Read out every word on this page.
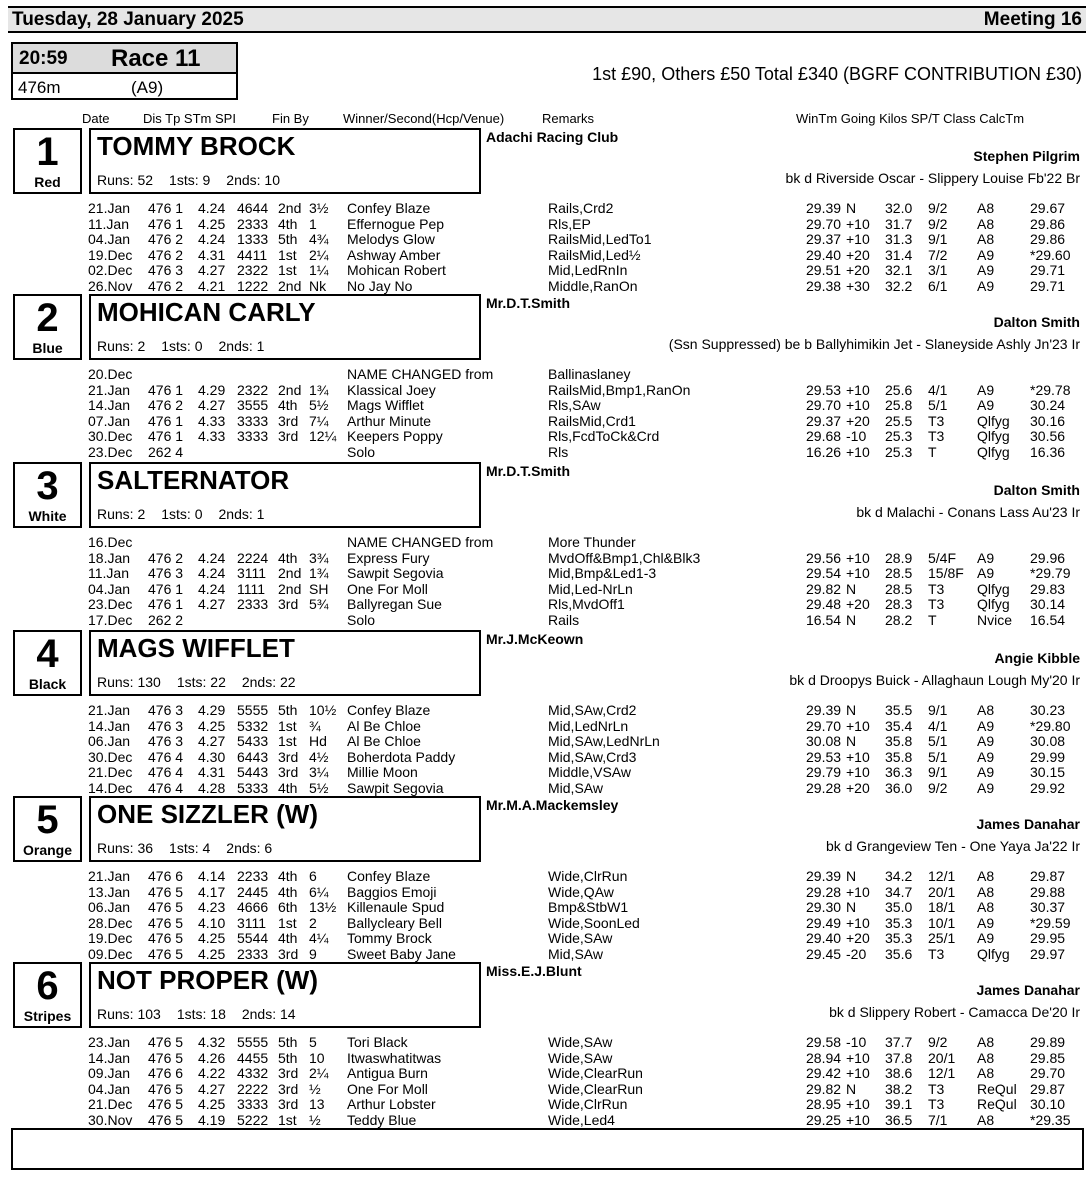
Tuesday, 28 January 2025	Meeting 16
20:59 Race 11
476m	(A9)
1st £90, Others £50 Total £340 (BGRF CONTRIBUTION £30)
Date	Dis Tp STm SPI	Fin By	Winner/Second(Hcp/Venue)	Remarks	WinTm Going Kilos SP/T Class CalcTm
1
Red
TOMMY BROCK
Runs: 52 1sts: 9 2nds: 10
Adachi Racing Club
Stephen Pilgrim
bk d Riverside Oscar - Slippery Louise Fb'22 Br
21.Jan 476 1 4.24 4644 2nd 3½ Confey Blaze	Rails,Crd2	29.39 N 32.0 9/2 A8	29.67
11.Jan 476 1 4.25 2333 4th 1 Effernogue Pep	Rls,EP	29.70 +10 31.7 9/2 A8	29.86
04.Jan 476 2 4.24 1333 5th 4¾ Melodys Glow	RailsMid,LedTo1	29.37 +10 31.3 9/1 A8	29.86
19.Dec 476 2 4.31 4411 1st 2¼ Ashway Amber	RailsMid,Led½	29.40 +20 31.4 7/2 A9	*29.60
02.Dec 476 3 4.27 2322 1st 1¼ Mohican Robert	Mid,LedRnIn	29.51 +20 32.1 3/1 A9	29.71
26.Nov 476 2 4.21 1222 2nd Nk No Jay No	Middle,RanOn	29.38 +30 32.2 6/1 A9	29.71
2
Blue
MOHICAN CARLY
Runs: 2 1sts: 0 2nds: 1
Mr.D.T.Smith
Dalton Smith
(Ssn Suppressed) be b Ballyhimikin Jet - Slaneyside Ashly Jn'23 Ir
20.Dec	NAME CHANGED from	Ballinaslaney
21.Jan 476 1 4.29 2322 2nd 1¾ Klassical Joey	RailsMid,Bmp1,RanOn	29.53 +10 25.6 4/1 A9	*29.78
14.Jan 476 2 4.27 3555 4th 5½ Mags Wifflet	Rls,SAw	29.70 +10 25.8 5/1 A9	30.24
07.Jan 476 1 4.33 3333 3rd 7¼ Arthur Minute	RailsMid,Crd1	29.37 +20 25.5 T3 Qlfyg 30.16
30.Dec 476 1 4.33 3333 3rd 12¼ Keepers Poppy	Rls,FcdToCk&Crd	29.68 -10 25.3 T3 Qlfyg 30.56
23.Dec 262 4	Solo	Rls	16.26 +10 25.3 T	Qlfyg 16.36
3
White
SALTERNATOR
Runs: 2 1sts: 0 2nds: 1
Mr.D.T.Smith
Dalton Smith
bk d Malachi - Conans Lass Au'23 Ir
16.Dec	NAME CHANGED from	More Thunder
18.Jan 476 2 4.24 2224 4th 3¾ Express Fury	MvdOff&Bmp1,Chl&Blk3	29.56 +10 28.9 5/4F A9	29.96
11.Jan 476 3 4.24 3111 2nd 1¾ Sawpit Segovia	Mid,Bmp&Led1-3	29.54 +10 28.5 15/8F A9	*29.79
04.Jan 476 1 4.24 1111 2nd SH One For Moll	Mid,Led-NrLn	29.82 N 28.5 T3 Qlfyg 29.83
23.Dec 476 1 4.27 2333 3rd 5¾ Ballyregan Sue	Rls,MvdOff1	29.48 +20 28.3 T3 Qlfyg 30.14
17.Dec 262 2	Solo	Rails	16.54 N 28.2 T	Nvice 16.54
4
Black
MAGS WIFFLET
Runs: 130 1sts: 22 2nds: 22
Mr.J.McKeown
Angie Kibble
bk d Droopys Buick - Allaghaun Lough My'20 Ir
21.Jan 476 3 4.29 5555 5th 10½ Confey Blaze	Mid,SAw,Crd2	29.39 N 35.5 9/1 A8	30.23
14.Jan 476 3 4.25 5332 1st ¾ Al Be Chloe	Mid,LedNrLn	29.70 +10 35.4 4/1 A9	*29.80
06.Jan 476 3 4.27 5433 1st Hd Al Be Chloe	Mid,SAw,LedNrLn	30.08 N 35.8 5/1 A9	30.08
30.Dec 476 4 4.30 6443 3rd 4½ Boherdota Paddy	Mid,SAw,Crd3	29.53 +10 35.8 5/1 A9	29.99
21.Dec 476 4 4.31 5443 3rd 3¼ Millie Moon	Middle,VSAw	29.79 +10 36.3 9/1 A9	30.15
14.Dec 476 4 4.28 5333 4th 5½ Sawpit Segovia	Mid,SAw	29.28 +20 36.0 9/2 A9	29.92
5
Orange
ONE SIZZLER (W)
Runs: 36 1sts: 4 2nds: 6
Mr.M.A.Mackemsley
James Danahar
bk d Grangeview Ten - One Yaya Ja'22 Ir
21.Jan 476 6 4.14 2233 4th 6 Confey Blaze	Wide,ClrRun	29.39 N 34.2 12/1 A8	29.87
13.Jan 476 5 4.17 2445 4th 6¼ Baggios Emoji	Wide,QAw	29.28 +10 34.7 20/1 A8	29.88
06.Jan 476 5 4.23 4666 6th 13½ Killenaule Spud	Bmp&StbW1	29.30 N 35.0 18/1 A8	30.37
28.Dec 476 5 4.10 3111 1st 2 Ballycleary Bell	Wide,SoonLed	29.49 +10 35.3 10/1 A9	*29.59
19.Dec 476 5 4.25 5544 4th 4¼ Tommy Brock	Wide,SAw	29.40 +20 35.3 25/1 A9	29.95
09.Dec 476 5 4.25 2333 3rd 9 Sweet Baby Jane	Mid,SAw	29.45 -20 35.6 T3 Qlfyg 29.97
6
Stripes
NOT PROPER (W)
Runs: 103 1sts: 18 2nds: 14
Miss.E.J.Blunt
James Danahar
bk d Slippery Robert - Camacca De'20 Ir
23.Jan 476 5 4.32 5555 5th 5 Tori Black	Wide,SAw	29.58 -10 37.7 9/2 A8	29.89
14.Jan 476 5 4.26 4455 5th 10 Itwaswhatitwas	Wide,SAw	28.94 +10 37.8 20/1 A8	29.85
09.Jan 476 6 4.22 4332 3rd 2¼ Antigua Burn	Wide,ClearRun	29.42 +10 38.6 12/1 A8	29.70
04.Jan 476 5 4.27 2222 3rd ½ One For Moll	Wide,ClearRun	29.82 N 38.2 T3 ReQul 29.87
21.Dec 476 5 4.25 3333 3rd 13 Arthur Lobster	Wide,ClrRun	28.95 +10 39.1 T3 ReQul 30.10
30.Nov 476 5 4.19 5222 1st ½ Teddy Blue	Wide,Led4	29.25 +10 36.5 7/1 A8	*29.35
